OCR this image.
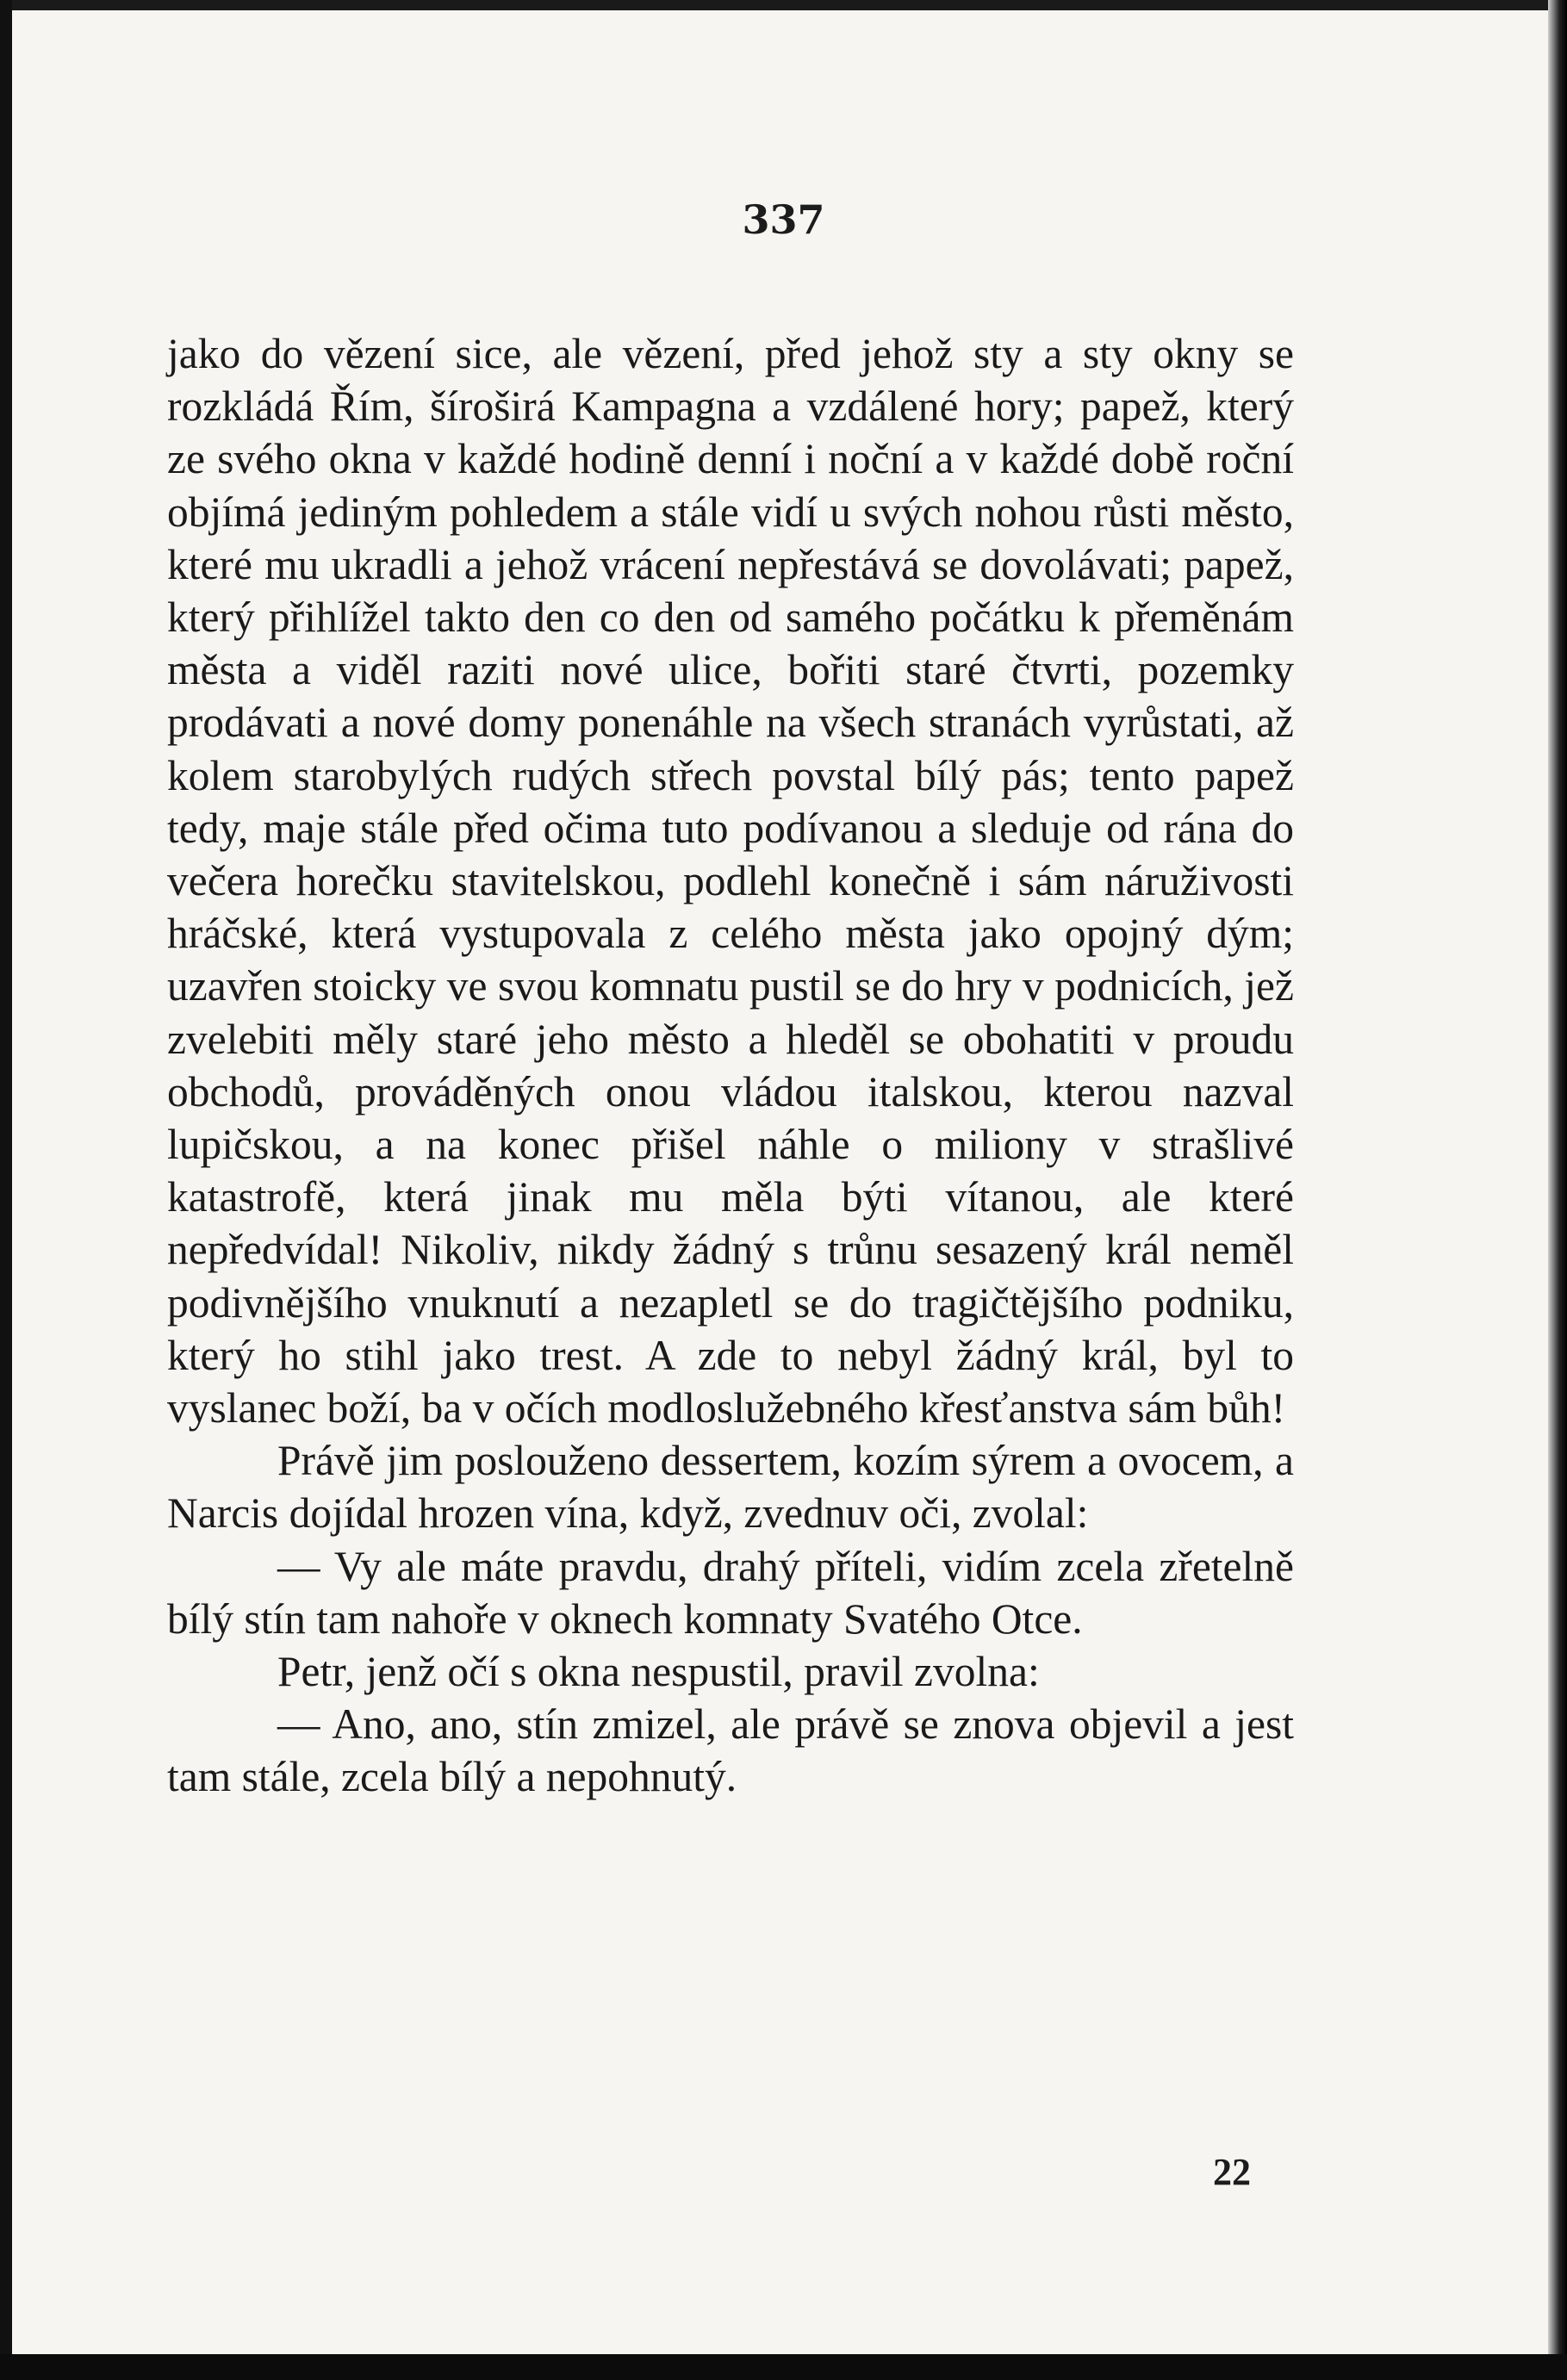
337

jako do vězení sice, ale vězení, před jehož sty a sty okny se rozkládá Řím, šíroširá Kampagna a vzdálené hory; papež, který ze svého okna v každé hodině denní i noční a v každé době roční objímá jediným pohledem a stále vidí u svých nohou růsti město, které mu ukradli a jehož vrácení nepřestává se dovolávati; papež, který přihlížel takto den co den od samého počátku k přeměnám města a viděl raziti nové ulice, bořiti staré čtvrti, pozemky prodávati a nové domy ponenáhle na všech stranách vyrůstati, až kolem starobylých rudých střech povstal bílý pás; tento papež tedy, maje stále před očima tuto podívanou a sleduje od rána do večera horečku stavitelskou, podlehl konečně i sám náruživosti hráčské, která vystupovala z celého města jako opojný dým; uzavřen stoicky ve svou komnatu pustil se do hry v podnicích, jež zvelebiti měly staré jeho město a hleděl se obohatiti v proudu obchodů, prováděných onou vládou italskou, kterou nazval lupičskou, a na konec přišel náhle o miliony v strašlivé katastrofě, která jinak mu měla býti vítanou, ale které nepředvídal! Nikoliv, nikdy žádný s trůnu sesazený král neměl podivnějšího vnuknutí a nezapletl se do tragičtějšího podniku, který ho stihl jako trest. A zde to nebyl žádný král, byl to vyslanec boží, ba v očích modloslužebného křesťanstva sám bůh!

Právě jim poslouženo dessertem, kozím sýrem a ovocem, a Narcis dojídal hrozen vína, když, zvednuv oči, zvolal:

— Vy ale máte pravdu, drahý příteli, vidím zcela zřetelně bílý stín tam nahoře v oknech komnaty Svatého Otce.

Petr, jenž očí s okna nespustil, pravil zvolna:

— Ano, ano, stín zmizel, ale právě se znova objevil a jest tam stále, zcela bílý a nepohnutý.

22
